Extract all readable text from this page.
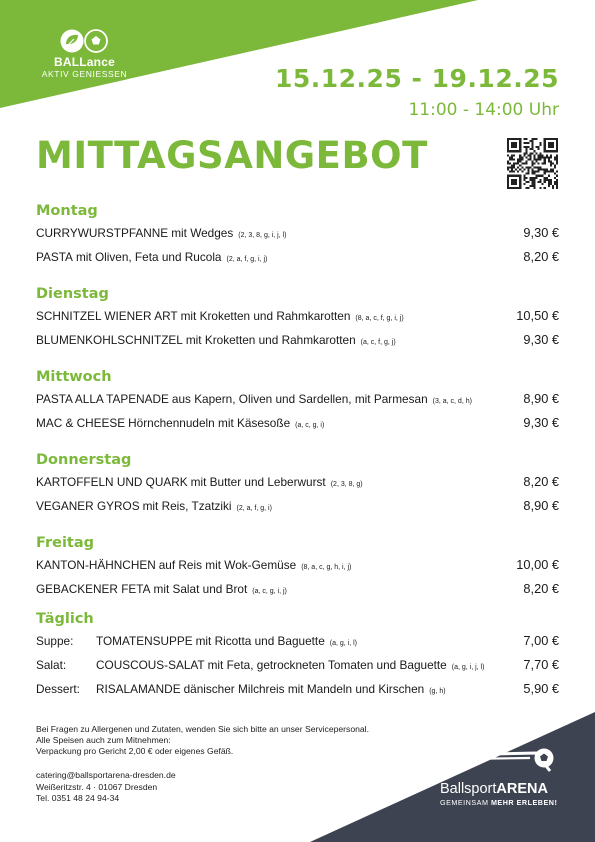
BALLance
AKTIV GENIESSEN	15.12.25 - 19.12.25
11:00 - 14:00 Uhr
MITTAGSANGEBOT
Montag
CURRYWURSTPFANNE mit Wedges (2, 3, 8, g, i, j, l)	9,30 €
PASTA mit Oliven, Feta und Rucola (2, a, f, g, i, j)	8,20 €
Dienstag
SCHNITZEL WIENER ART mit Kroketten und Rahmkarotten (8, a, c, f, g, i, j)	10,50 €
BLUMENKOHLSCHNITZEL mit Kroketten und Rahmkarotten (a, c, f, g, j)	9,30 €
Mittwoch
PASTA ALLA TAPENADE aus Kapern, Oliven und Sardellen, mit Parmesan (3, a, c, d, h)	8,90 €
MAC & CHEESE Hörnchennudeln mit Käsesoße (a, c, g, i)	9,30 €
Donnerstag
KARTOFFELN UND QUARK mit Butter und Leberwurst (2, 3, 8, g)	8,20 €
VEGANER GYROS mit Reis, Tzatziki (2, a, f, g, i)	8,90 €
Freitag
KANTON-HÄHNCHEN auf Reis mit Wok-Gemüse (8, a, c, g, h, i, j)	10,00 €
GEBACKENER FETA mit Salat und Brot (a, c, g, i, j)	8,20 €
Täglich
Suppe:	TOMATENSUPPE mit Ricotta und Baguette (a, g, i, l)	7,00 €
Salat:	COUSCOUS-SALAT mit Feta, getrockneten Tomaten und Baguette (a, g, i, j, l)	7,70 €
Dessert:	RISALAMANDE dänischer Milchreis mit Mandeln und Kirschen (g, h)	5,90 €
Bei Fragen zu Allergenen und Zutaten, wenden Sie sich bitte an unser Servicepersonal.
Alle Speisen auch zum Mitnehmen:
Verpackung pro Gericht 2,00 € oder eigenes Gefäß.
catering@ballsportarena-dresden.de
Weißeritzstr. 4 · 01067 Dresden
Tel. 0351 48 24 94-34
BallsportARENA
GEMEINSAM MEHR ERLEBEN!
